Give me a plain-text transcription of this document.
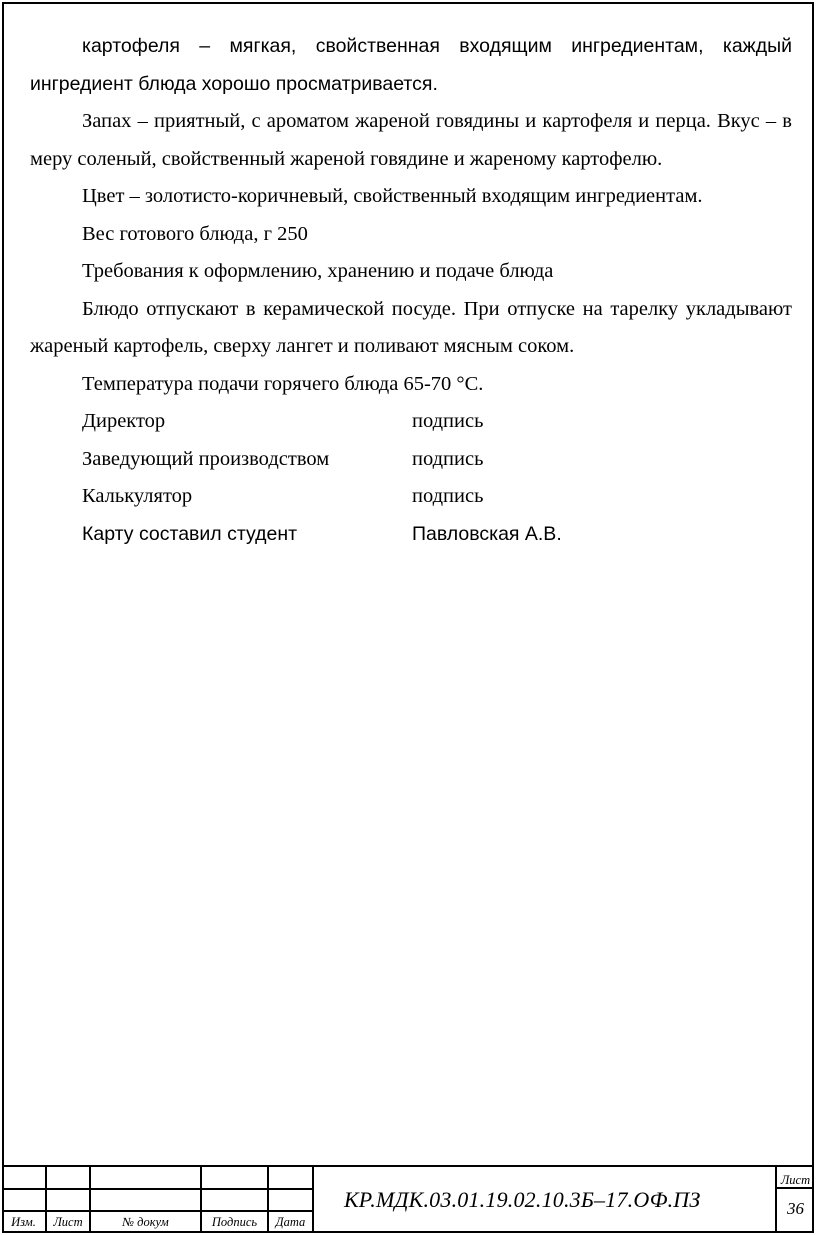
картофеля – мягкая, свойственная входящим ингредиентам, каждый ингредиент блюда хорошо просматривается.

Запах – приятный, с ароматом жареной говядины и картофеля и перца. Вкус – в меру соленый, свойственный жареной говядине и жареному картофелю.

Цвет – золотисто-коричневый, свойственный входящим ингредиентам.

Вес готового блюда, г 250

Требования к оформлению, хранению и подаче блюда

Блюдо отпускают в керамической посуде. При отпуске на тарелку укладывают жареный картофель, сверху лангет и поливают мясным соком.

Температура подачи горячего блюда 65-70 °С.

Директор	подпись
Заведующий производством	подпись
Калькулятор	подпись
Карту составил студент	Павловская А.В.
Изм.	Лист	№ докум	Подпись	Дата
КР.МДК.03.01.19.02.10.3Б–17.ОФ.ПЗ
Лист
36
